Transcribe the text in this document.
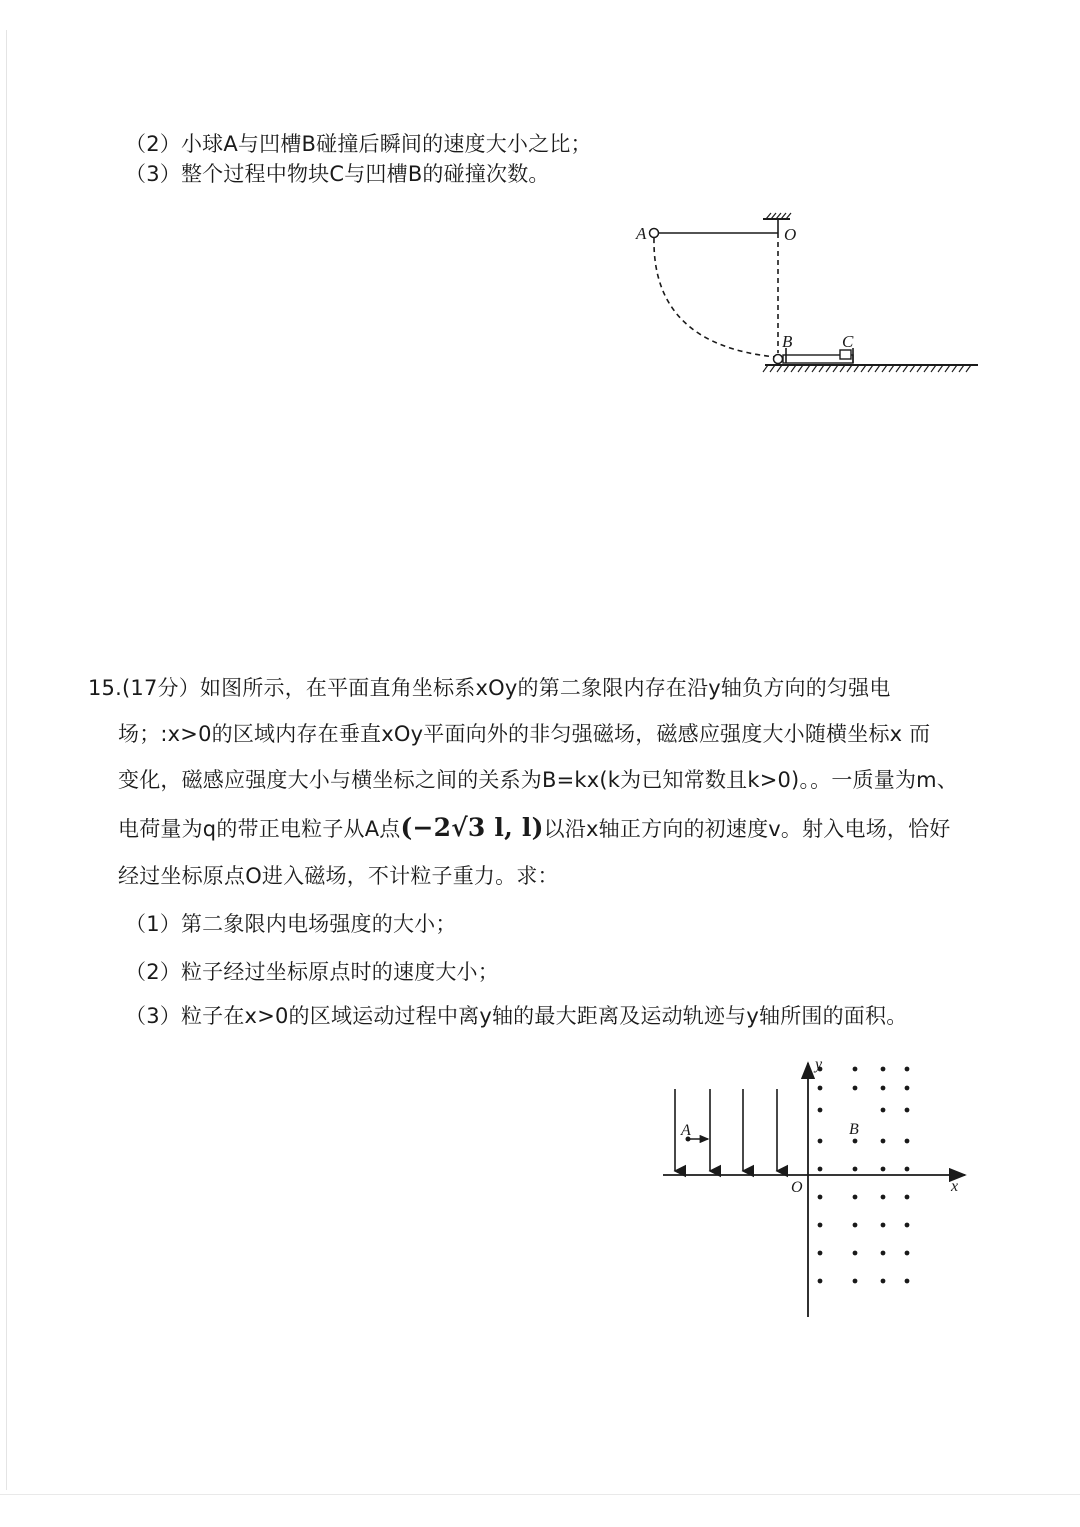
（2）小球A与凹槽B碰撞后瞬间的速度大小之比；
（3）整个过程中物块C与凹槽B的碰撞次数。
A	O
B	C
15.(17分）如图所示，在平面直角坐标系xOy的第二象限内存在沿y轴负方向的匀强电
场；:x>0的区域内存在垂直xOy平面向外的非匀强磁场，磁感应强度大小随横坐标x 而
变化，磁感应强度大小与横坐标之间的关系为B=kx(k为已知常数且k>0)。。一质量为m、
电荷量为q的带正电粒子从A点(−2√3 l, l)以沿x轴正方向的初速度v。射入电场，恰好
经过坐标原点O进入磁场，不计粒子重力。求：
（1）第二象限内电场强度的大小；
（2）粒子经过坐标原点时的速度大小；
（3）粒子在x>0的区域运动过程中离y轴的最大距离及运动轨迹与y轴所围的面积。
y
x
O
A	B
